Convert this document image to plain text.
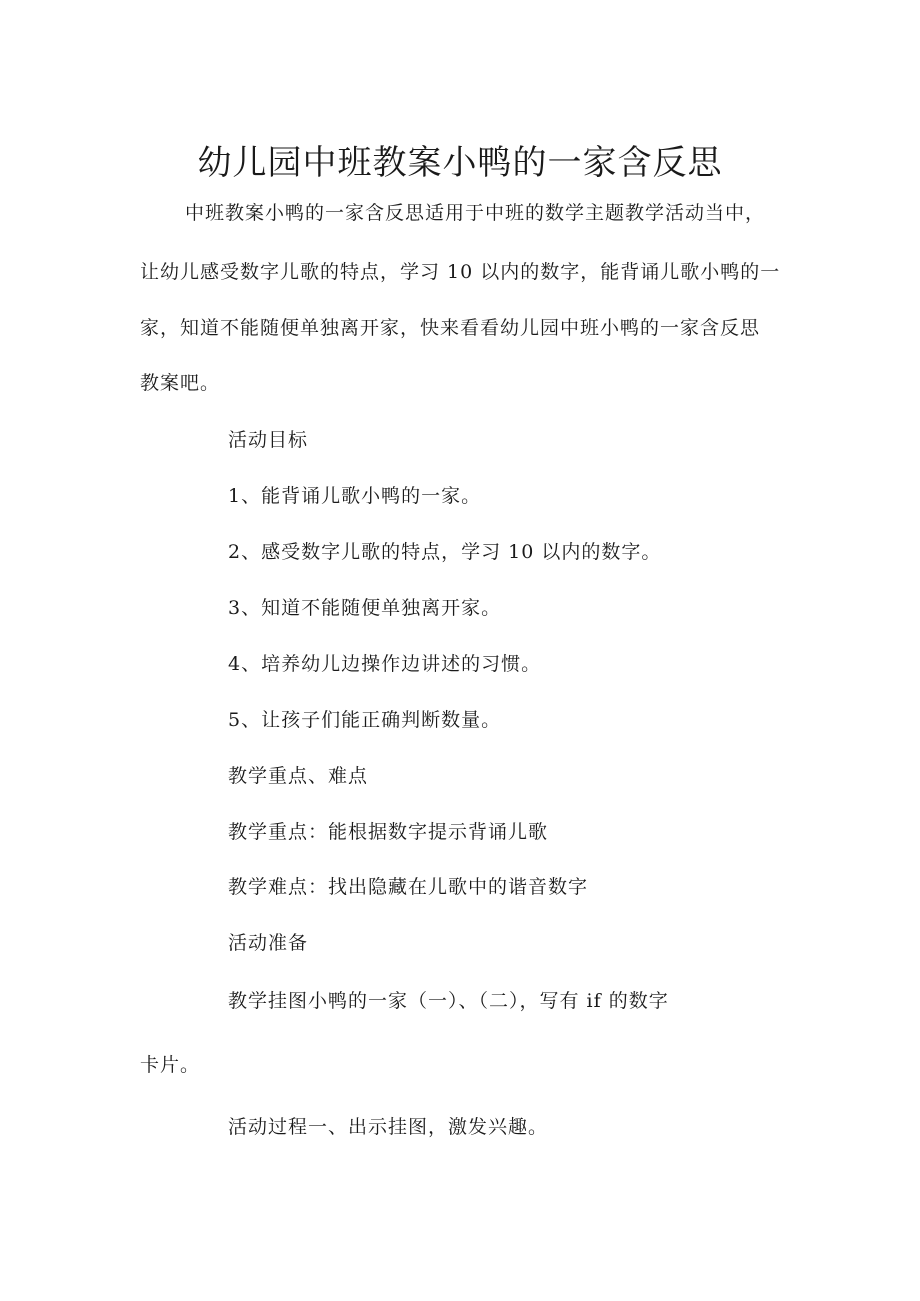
幼儿园中班教案小鸭的一家含反思
中班教案小鸭的一家含反思适用于中班的数学主题教学活动当中，
让幼儿感受数字儿歌的特点，学习 10 以内的数字，能背诵儿歌小鸭的一
家，知道不能随便单独离开家，快来看看幼儿园中班小鸭的一家含反思
教案吧。
活动目标
1、能背诵儿歌小鸭的一家。
2、感受数字儿歌的特点，学习 10 以内的数字。
3、知道不能随便单独离开家。
4、培养幼儿边操作边讲述的习惯。
5、让孩子们能正确判断数量。
教学重点、难点
教学重点：能根据数字提示背诵儿歌
教学难点：找出隐藏在儿歌中的谐音数字
活动准备
教学挂图小鸭的一家（一）、（二），写有 if 的数字
卡片。
活动过程一、出示挂图，激发兴趣。
